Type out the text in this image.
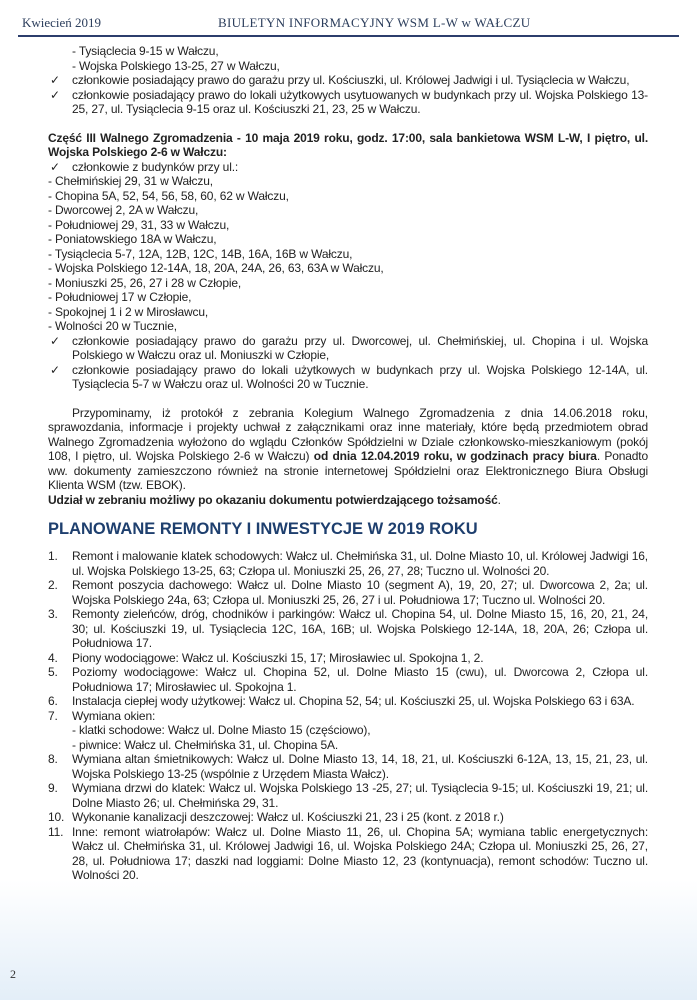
Kwiecień 2019	BIULETYN INFORMACYJNY WSM L-W w WAŁCZU
- Tysiąclecia 9-15 w Wałczu,
- Wojska Polskiego 13-25, 27 w Wałczu,
✓ członkowie posiadający prawo do garażu przy ul. Kościuszki, ul. Królowej Jadwigi i ul. Tysiąclecia w Wałczu,
✓ członkowie posiadający prawo do lokali użytkowych usytuowanych w budynkach przy ul. Wojska Polskiego 13-25, 27, ul. Tysiąclecia 9-15 oraz ul. Kościuszki 21, 23, 25 w Wałczu.
Część III Walnego Zgromadzenia - 10 maja 2019 roku, godz. 17:00, sala bankietowa WSM L-W, I piętro, ul. Wojska Polskiego 2-6 w Wałczu:
✓ członkowie z budynków przy ul.:
- Chełmińskiej 29, 31 w Wałczu,
- Chopina 5A, 52, 54, 56, 58, 60, 62 w Wałczu,
- Dworcowej 2, 2A w Wałczu,
- Południowej 29, 31, 33 w Wałczu,
- Poniatowskiego 18A w Wałczu,
- Tysiąclecia 5-7, 12A, 12B, 12C, 14B, 16A, 16B w Wałczu,
- Wojska Polskiego 12-14A, 18, 20A, 24A, 26, 63, 63A w Wałczu,
- Moniuszki 25, 26, 27 i 28 w Człopie,
- Południowej 17 w Człopie,
- Spokojnej 1 i 2 w Mirosławcu,
- Wolności 20 w Tucznie,
✓ członkowie posiadający prawo do garażu przy ul. Dworcowej, ul. Chełmińskiej, ul. Chopina i ul. Wojska Polskiego w Wałczu oraz ul. Moniuszki w Człopie,
✓ członkowie posiadający prawo do lokali użytkowych w budynkach przy ul. Wojska Polskiego 12-14A, ul. Tysiąclecia 5-7 w Wałczu oraz ul. Wolności 20 w Tucznie.
Przypominamy, iż protokół z zebrania Kolegium Walnego Zgromadzenia z dnia 14.06.2018 roku, sprawozdania, informacje i projekty uchwał z załącznikami oraz inne materiały, które będą przedmiotem obrad Walnego Zgromadzenia wyłożono do wglądu Członków Spółdzielni w Dziale członkowsko-mieszkaniowym (pokój 108, I piętro, ul. Wojska Polskiego 2-6 w Wałczu) od dnia 12.04.2019 roku, w godzinach pracy biura. Ponadto ww. dokumenty zamieszczono również na stronie internetowej Spółdzielni oraz Elektronicznego Biura Obsługi Klienta WSM (tzw. EBOK).
Udział w zebraniu możliwy po okazaniu dokumentu potwierdzającego tożsamość.
PLANOWANE REMONTY I INWESTYCJE W 2019 ROKU
1. Remont i malowanie klatek schodowych: Wałcz ul. Chełmińska 31, ul. Dolne Miasto 10, ul. Królowej Jadwigi 16, ul. Wojska Polskiego 13-25, 63; Człopa ul. Moniuszki 25, 26, 27, 28; Tuczno ul. Wolności 20.
2. Remont poszycia dachowego: Wałcz ul. Dolne Miasto 10 (segment A), 19, 20, 27; ul. Dworcowa 2, 2a; ul. Wojska Polskiego 24a, 63; Człopa ul. Moniuszki 25, 26, 27 i ul. Południowa 17; Tuczno ul. Wolności 20.
3. Remonty zieleńców, dróg, chodników i parkingów: Wałcz ul. Chopina 54, ul. Dolne Miasto 15, 16, 20, 21, 24, 30; ul. Kościuszki 19, ul. Tysiąclecia 12C, 16A, 16B; ul. Wojska Polskiego 12-14A, 18, 20A, 26; Człopa ul. Południowa 17.
4. Piony wodociągowe: Wałcz ul. Kościuszki 15, 17; Mirosławiec ul. Spokojna 1, 2.
5. Poziomy wodociągowe: Wałcz ul. Chopina 52, ul. Dolne Miasto 15 (cwu), ul. Dworcowa 2, Człopa ul. Południowa 17; Mirosławiec ul. Spokojna 1.
6. Instalacja ciepłej wody użytkowej: Wałcz ul. Chopina 52, 54; ul. Kościuszki 25, ul. Wojska Polskiego 63 i 63A.
7. Wymiana okien:
- klatki schodowe: Wałcz ul. Dolne Miasto 15 (częściowo),
- piwnice: Wałcz ul. Chełmińska 31, ul. Chopina 5A.
8. Wymiana altan śmietnikowych: Wałcz ul. Dolne Miasto 13, 14, 18, 21, ul. Kościuszki 6-12A, 13, 15, 21, 23, ul. Wojska Polskiego 13-25 (wspólnie z Urzędem Miasta Wałcz).
9. Wymiana drzwi do klatek: Wałcz ul. Wojska Polskiego 13 -25, 27; ul. Tysiąclecia 9-15; ul. Kościuszki 19, 21; ul. Dolne Miasto 26; ul. Chełmińska 29, 31.
10. Wykonanie kanalizacji deszczowej: Wałcz ul. Kościuszki 21, 23 i 25 (kont. z 2018 r.)
11. Inne: remont wiatrołapów: Wałcz ul. Dolne Miasto 11, 26, ul. Chopina 5A; wymiana tablic energetycznych: Wałcz ul. Chełmińska 31, ul. Królowej Jadwigi 16, ul. Wojska Polskiego 24A; Człopa ul. Moniuszki 25, 26, 27, 28, ul. Południowa 17; daszki nad loggiami: Dolne Miasto 12, 23 (kontynuacja), remont schodów: Tuczno ul. Wolności 20.
2
